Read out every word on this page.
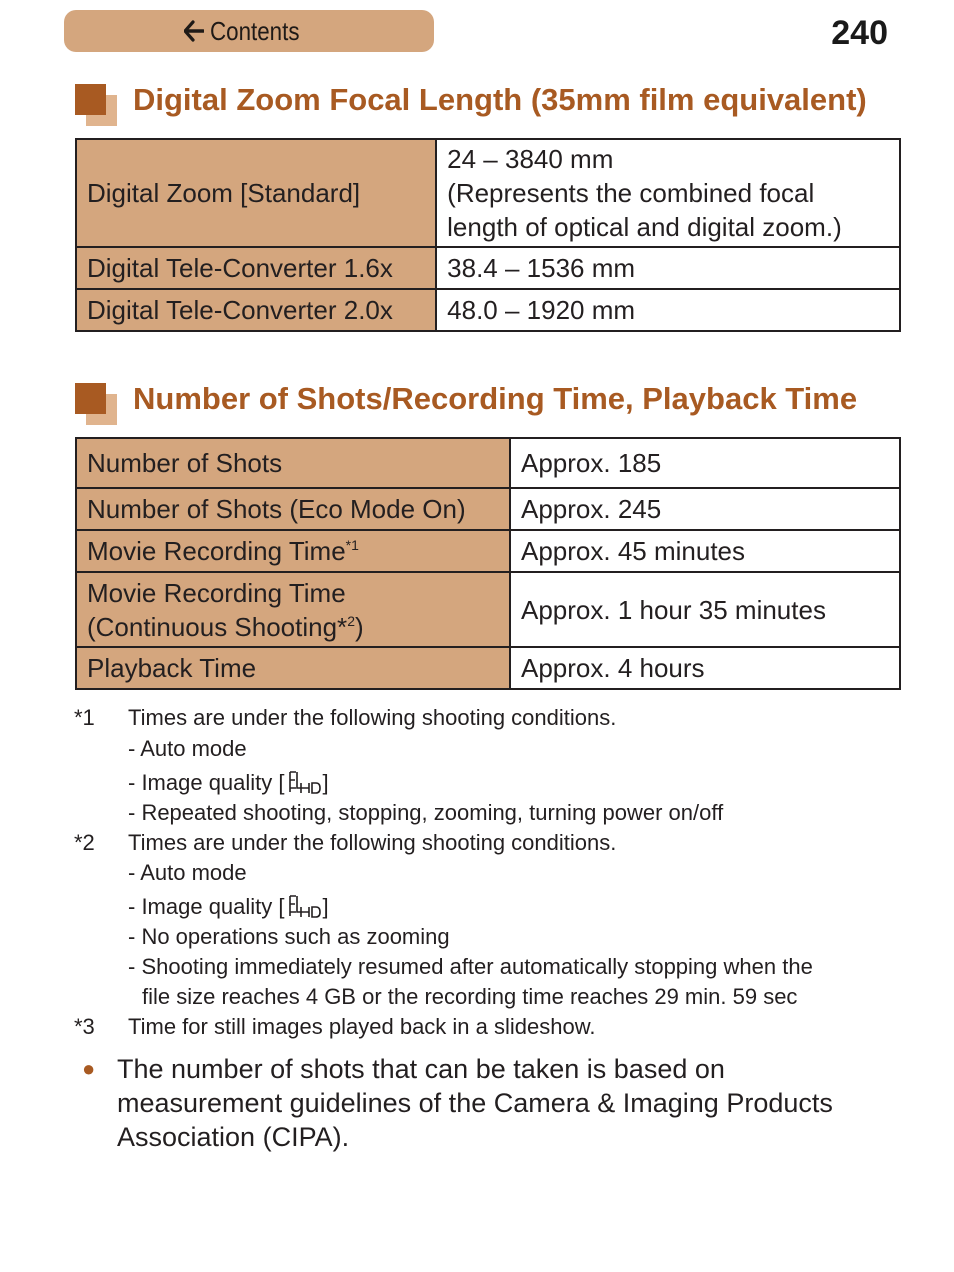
Contents	240
Digital Zoom Focal Length (35mm film equivalent)
Digital Zoom [Standard]	24 – 3840 mm
(Represents the combined focal
length of optical and digital zoom.)

Digital Tele-Converter 1.6x	38.4 – 1536 mm
Digital Tele-Converter 2.0x	48.0 – 1920 mm
Number of Shots/Recording Time, Playback Time
Number of Shots	Approx. 185
Number of Shots (Eco Mode On)	Approx. 245
Movie Recording Time$^{*1}$	Approx. 45 minutes

Movie Recording Time
(Continuous Shooting*$^2$)	Approx. 1 hour 35 minutes
Playback Time	Approx. 4 hours
*1 Times are under the following shooting conditions.
- Auto mode
- Image quality [ ]
- Repeated shooting, stopping, zooming, turning power on/off
*2 Times are under the following shooting conditions.
- Auto mode
- Image quality [ ]
- No operations such as zooming
- Shooting immediately resumed after automatically stopping when the
file size reaches 4 GB or the recording time reaches 29 min. 59 sec
*3 Time for still images played back in a slideshow.
● The number of shots that can be taken is based on measurement guidelines of the Camera & Imaging Products Association (CIPA).
